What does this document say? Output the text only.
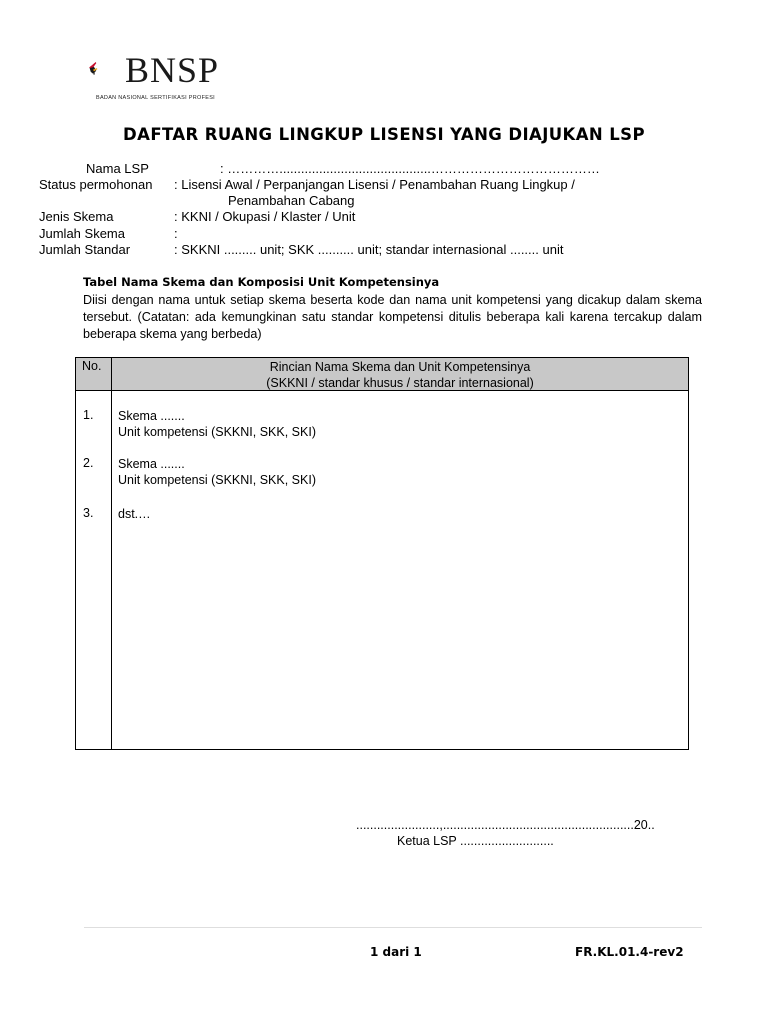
BNSP
BADAN NASIONAL SERTIFIKASI PROFESI
DAFTAR RUANG LINGKUP LISENSI YANG DIAJUKAN LSP
Nama LSP	: …………..........................................…………………………………
Status permohonan : Lisensi Awal / Perpanjangan Lisensi / Penambahan Ruang Lingkup /
Penambahan Cabang
Jenis Skema	: KKNI / Okupasi / Klaster / Unit
Jumlah Skema	:
Jumlah Standar	: SKKNI ......... unit; SKK .......... unit; standar internasional ........ unit
Tabel Nama Skema dan Komposisi Unit Kompetensinya
Diisi dengan nama untuk setiap skema beserta kode dan nama unit kompetensi yang dicakup dalam skema tersebut. (Catatan: ada kemungkinan satu standar kompetensi ditulis beberapa kali karena tercakup dalam beberapa skema yang berbeda)
No.	Rincian Nama Skema dan Unit Kompetensinya
(SKKNI / standar khusus / standar internasional)
1. Skema .......
Unit kompetensi (SKKNI, SKK, SKI)
2. Skema .......
Unit kompetensi (SKKNI, SKK, SKI)
3. dst.…
........................,.......................................................20..
Ketua LSP ...........................
1 dari 1	FR.KL.01.4-rev2
